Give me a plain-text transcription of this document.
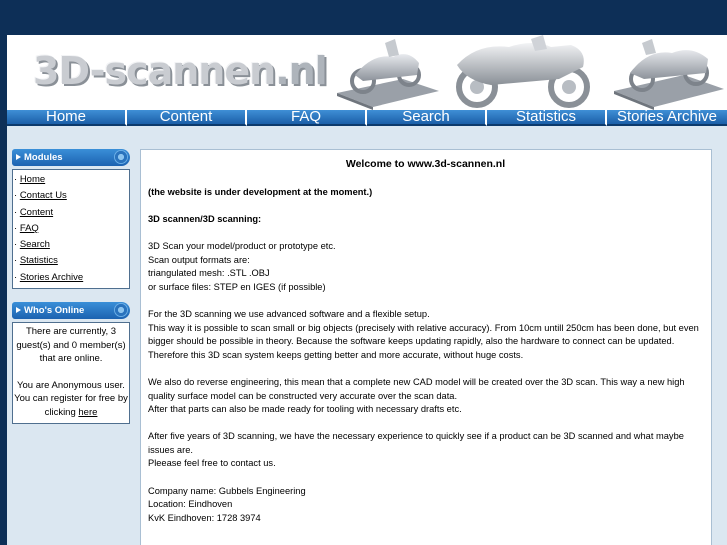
3D-scannen.nl
Home	Content	FAQ	Search	Statistics	Stories Archive
Modules
· Home
· Contact Us
· Content
· FAQ
· Search
· Statistics
· Stories Archive
Who's Online
There are currently, 3 guest(s) and 0 member(s) that are online.
You are Anonymous user. You can register for free by clicking here

Welcome to www.3d-scannen.nl

(the website is under development at the moment.)

3D scannen/3D scanning:

3D Scan your model/product or prototype etc.
Scan output formats are:
triangulated mesh: .STL .OBJ
or surface files: STEP en IGES (if possible)

For the 3D scanning we use advanced software and a flexible setup.
This way it is possible to scan small or big objects (precisely with relative accuracy). From 10cm untill 250cm has been done, but even bigger should be possible in theory. Because the software keeps updating rapidly, also the hardware to connect can be updated.
Therefore this 3D scan system keeps getting better and more accurate, without huge costs.

We also do reverse engineering, this mean that a complete new CAD model will be created over the 3D scan. This way a new high quality surface model can be constructed very accurate over the scan data.
After that parts can also be made ready for tooling with necessary drafts etc.

After five years of 3D scanning, we have the necessary experience to quickly see if a product can be 3D scanned and what maybe issues are.
Pleease feel free to contact us.

Company name: Gubbels Engineering
Location: Eindhoven
KvK Eindhoven: 1728 3974
